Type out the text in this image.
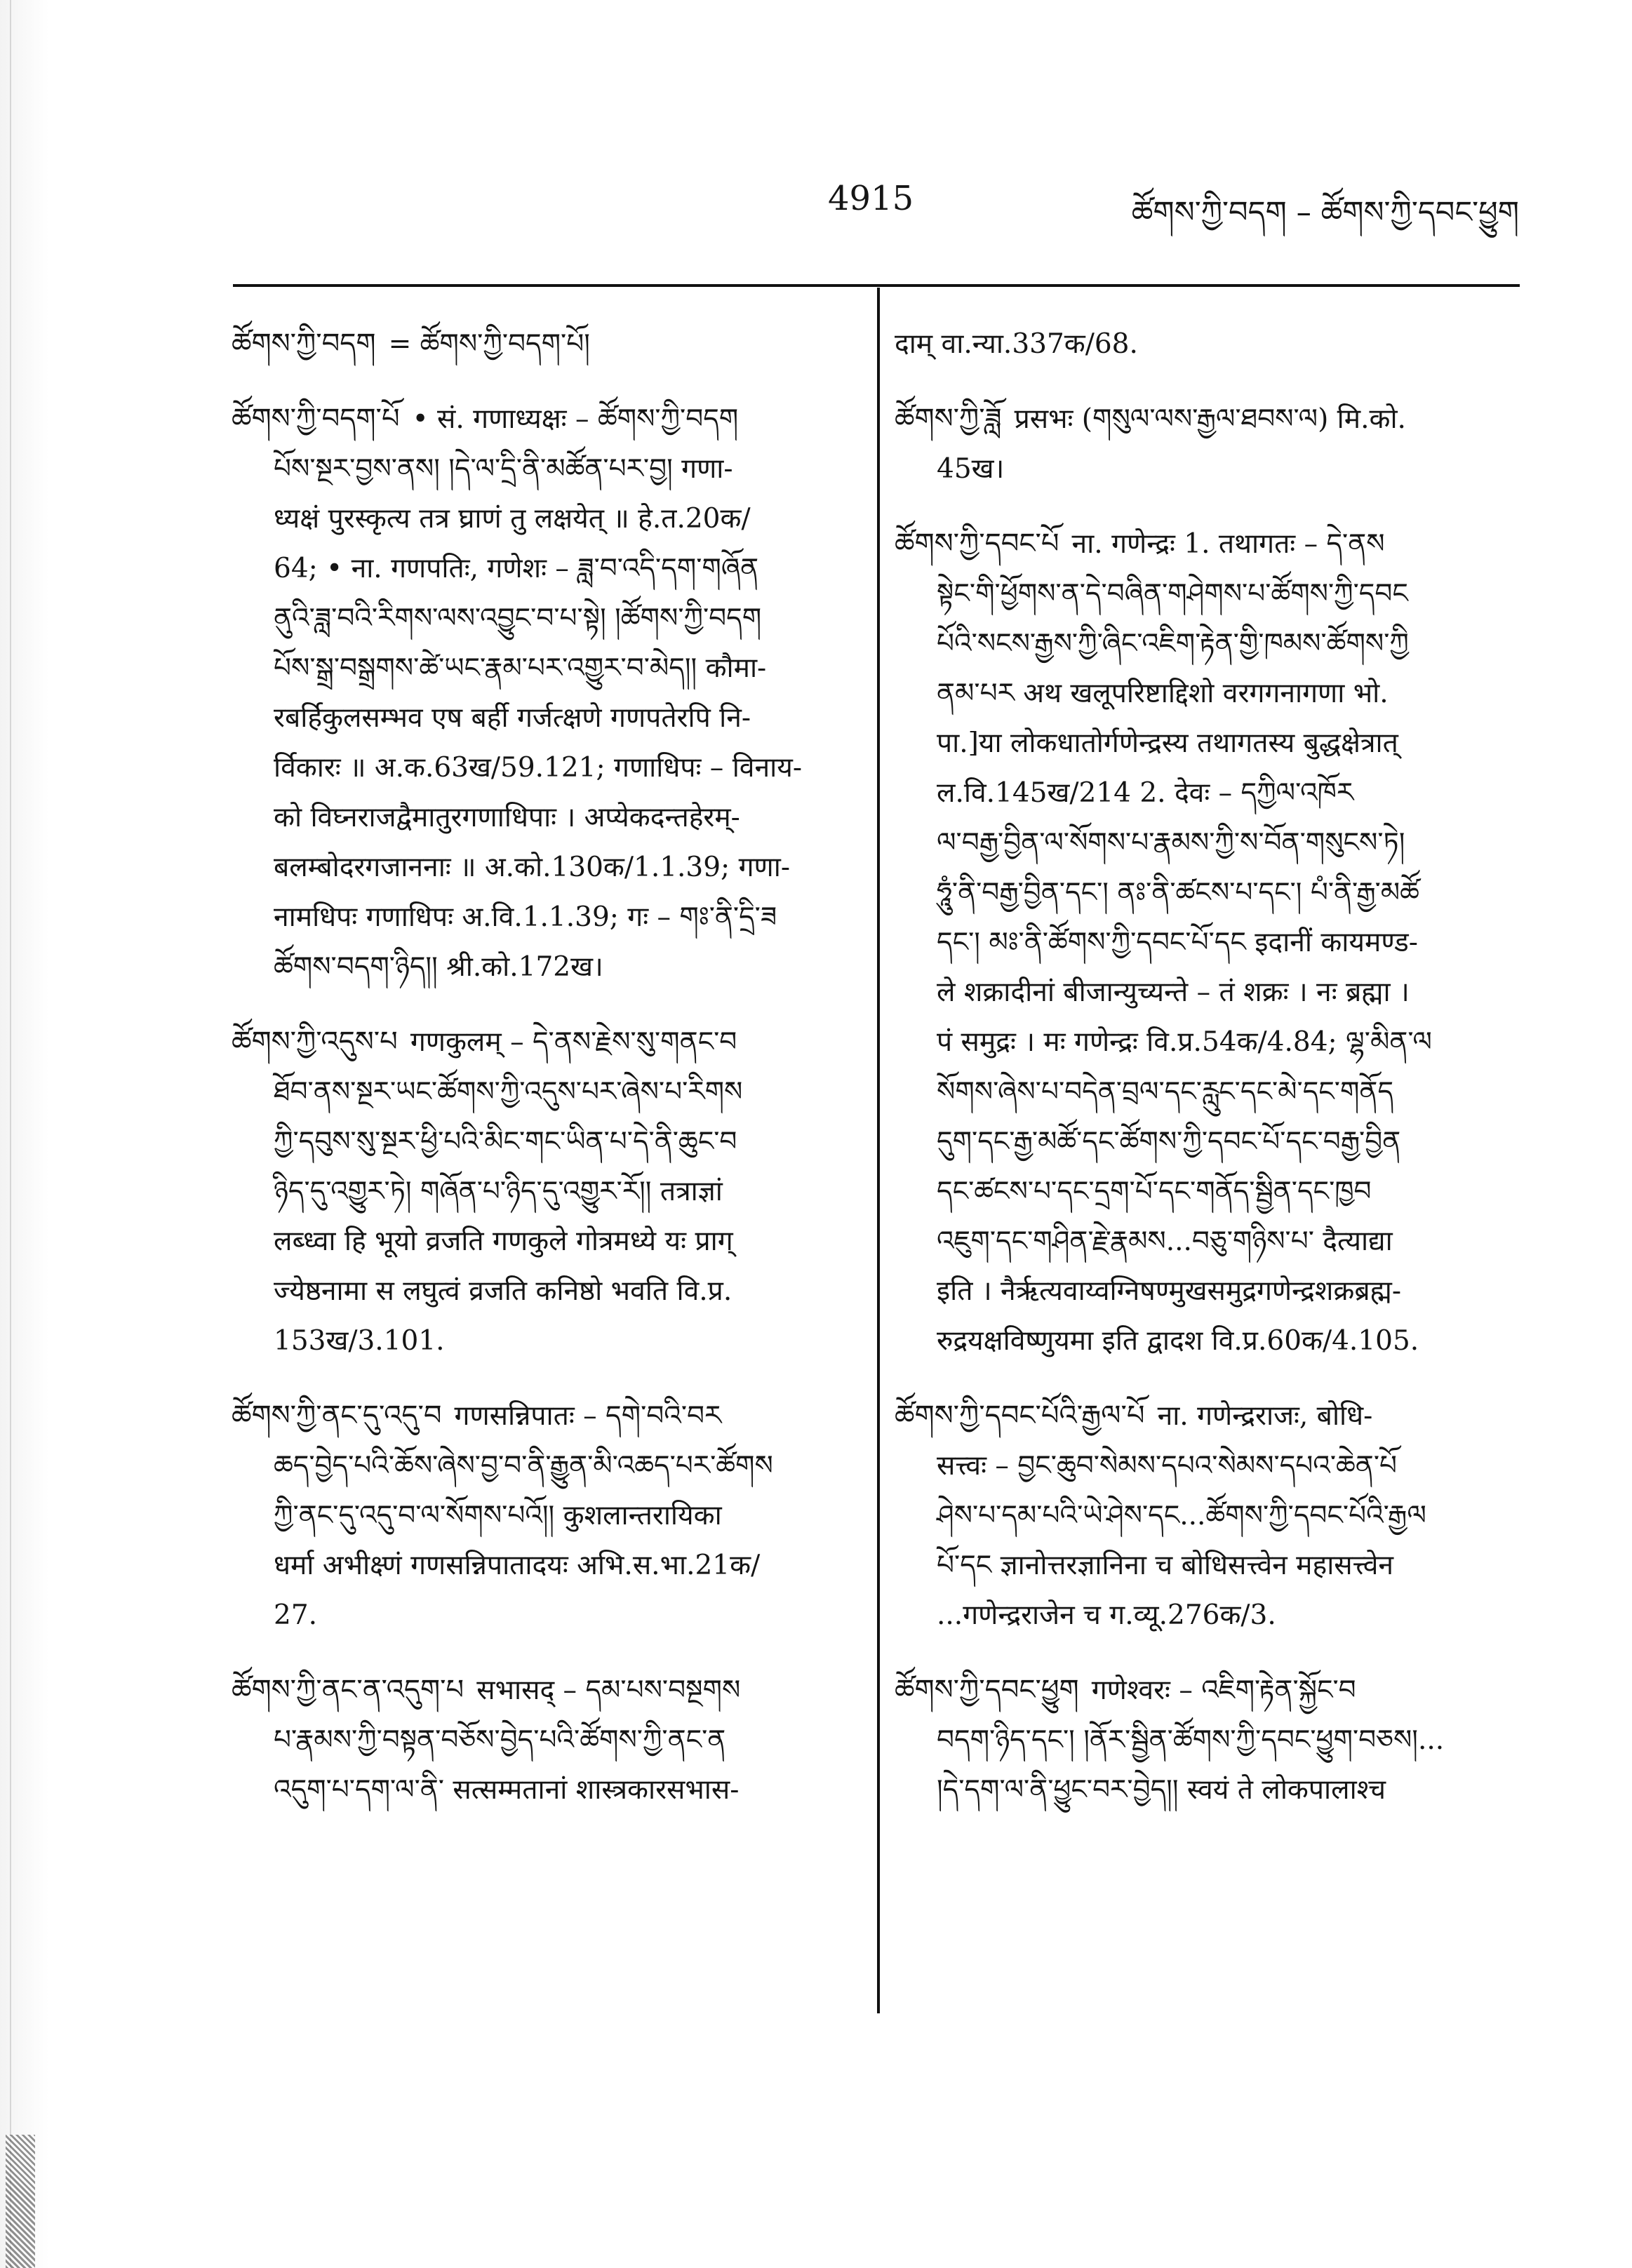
4915	ཚོགས་ཀྱི་བདག – ཚོགས་ཀྱི་དབང་ཕྱུག

ཚོགས་ཀྱི་བདག = ཚོགས་ཀྱི་བདག་པོ།

ཚོགས་ཀྱི་བདག་པོ • सं. गणाध्यक्षः – ཚོགས་ཀྱི་བདག

པོས་སྔར་བྱས་ནས། །དེ་ལ་དྲི་ནི་མཚོན་པར་བྱ། गणा-

ध्यक्षं पुरस्कृत्य तत्र घ्राणं तु लक्षयेत् ॥ हे.त.20क/

64; • ना. गणपतिः, गणेशः – ཟླ་བ་འདི་དག་གཞོན

ནུའི་ཟླ་བའི་རིགས་ལས་འབྱུང་བ་པ་སྟེ། །ཚོགས་ཀྱི་བདག

པོས་སྒྲ་བསྒྲགས་ཚེ་ཡང་རྣམ་པར་འགྱུར་བ་མེད།། कौमा-

रबर्हिकुलसम्भव एष बर्ही गर्जत्क्षणे गणपतेरपि नि-

र्विकारः ॥ अ.क.63ख/59.121; गणाधिपः – विनाय-

को विघ्नराजद्वैमातुरगणाधिपाः । अप्येकदन्तहेरम्-

बलम्बोदरगजाननाः ॥ अ.को.130क/1.1.39; गणा-

नामधिपः गणाधिपः अ.वि.1.1.39; गः – གཿ་ནི་དྲི་ཟ

ཚོགས་བདག་ཉིད།། श्री.को.172ख।

ཚོགས་ཀྱི་འདུས་པ गणकुलम् – དེ་ནས་རྗེས་སུ་གནང་བ

ཐོབ་ནས་སྔར་ཡང་ཚོགས་ཀྱི་འདུས་པར་ཞེས་པ་རིགས

ཀྱི་དབུས་སུ་སྔར་ཕྱི་པའི་མིང་གང་ཡིན་པ་དེ་ནི་ཆུང་བ

ཉིད་དུ་འགྱུར་ཏེ། གཞོན་པ་ཉིད་དུ་འགྱུར་རོ།། तत्राज्ञां

लब्ध्वा हि भूयो व्रजति गणकुले गोत्रमध्ये यः प्राग्

ज्येष्ठनामा स लघुत्वं व्रजति कनिष्ठो भवति वि.प्र.

153ख/3.101.

ཚོགས་ཀྱི་ནང་དུ་འདུ་བ गणसन्निपातः – དགེ་བའི་བར

ཆད་བྱེད་པའི་ཆོས་ཞེས་བྱ་བ་ནི་རྒྱུན་མི་འཆད་པར་ཚོགས

ཀྱི་ནང་དུ་འདུ་བ་ལ་སོགས་པའོ།། कुशलान्तरायिका

धर्मा अभीक्ष्णं गणसन्निपातादयः अभि.स.भा.21क/

27.

ཚོགས་ཀྱི་ནང་ན་འདུག་པ सभासद् – དམ་པས་བསྔགས

པ་རྣམས་ཀྱི་བསྟན་བཅོས་བྱེད་པའི་ཚོགས་ཀྱི་ནང་ན

འདུག་པ་དག་ལ་ནི་ सत्सम्मतानां शास्त्रकारसभास-

दाम् वा.न्या.337क/68.

ཚོགས་ཀྱི་ཟློ प्रसभः (གསུལ་ལས་རྒྱལ་ཐབས་ལ) मि.को.

45ख।

ཚོགས་ཀྱི་དབང་པོ ना. गणेन्द्रः 1. तथागतः – དེ་ནས

སྟེང་གི་ཕྱོགས་ན་དེ་བཞིན་གཤེགས་པ་ཚོགས་ཀྱི་དབང

པོའི་སངས་རྒྱས་ཀྱི་ཞིང་འཇིག་རྟེན་གྱི་ཁམས་ཚོགས་ཀྱི

ནམ་པར अथ खलूपरिष्टाद्दिशो वरगगनागणा भो.

पा.]या लोकधातोर्गणेन्द्रस्य तथागतस्य बुद्धक्षेत्रात्

ल.वि.145ख/214 2. देवः – དཀྱིལ་འཁོར

ལ་བརྒྱ་བྱིན་ལ་སོགས་པ་རྣམས་ཀྱི་ས་བོན་གསུངས་ཏེ།

ཧཱུཾ་ནི་བརྒྱ་བྱིན་དང་། ནཿ་ནི་ཚངས་པ་དང་། པཾ་ནི་རྒྱ་མཚོ

དང་། མཿ་ནི་ཚོགས་ཀྱི་དབང་པོ་དང इदानीं कायमण्ड-

ले शक्रादीनां बीजान्युच्यन्ते – तं शक्रः । नः ब्रह्मा ।

पं समुद्रः । मः गणेन्द्रः वि.प्र.54क/4.84; ལྷ་མིན་ལ

སོགས་ཞེས་པ་བདེན་བྲལ་དང་རླུང་དང་མེ་དང་གནོད

དུག་དང་རྒྱ་མཚོ་དང་ཚོགས་ཀྱི་དབང་པོ་དང་བརྒྱ་བྱིན

དང་ཚངས་པ་དང་དྲག་པོ་དང་གནོད་སྦྱིན་དང་ཁྱབ

འཇུག་དང་གཤིན་རྗེ་རྣམས...བཅུ་གཉིས་པ་ दैत्याद्या

इति । नैर्ऋत्यवाय्वग्निषण्मुखसमुद्रगणेन्द्रशक्रब्रह्म-

रुद्रयक्षविष्णुयमा इति द्वादश वि.प्र.60क/4.105.

ཚོགས་ཀྱི་དབང་པོའི་རྒྱལ་པོ ना. गणेन्द्रराजः, बोधि-

सत्त्वः – བྱང་ཆུབ་སེམས་དཔའ་སེམས་དཔའ་ཆེན་པོ

ཤེས་པ་དམ་པའི་ཡེ་ཤེས་དང...ཚོགས་ཀྱི་དབང་པོའི་རྒྱལ

པོ་དང ज्ञानोत्तरज्ञानिना च बोधिसत्त्वेन महासत्त्वेन

...गणेन्द्रराजेन च ग.व्यू.276क/3.

ཚོགས་ཀྱི་དབང་ཕྱུག गणेश्वरः – འཇིག་རྟེན་སྐྱོང་བ

བདག་ཉིད་དང་། །ནོར་སྦྱིན་ཚོགས་ཀྱི་དབང་ཕྱུག་བཅས།...

།དེ་དག་ལ་ནི་ཕྱུང་བར་བྱེད།། स्वयं ते लोकपालाश्च
